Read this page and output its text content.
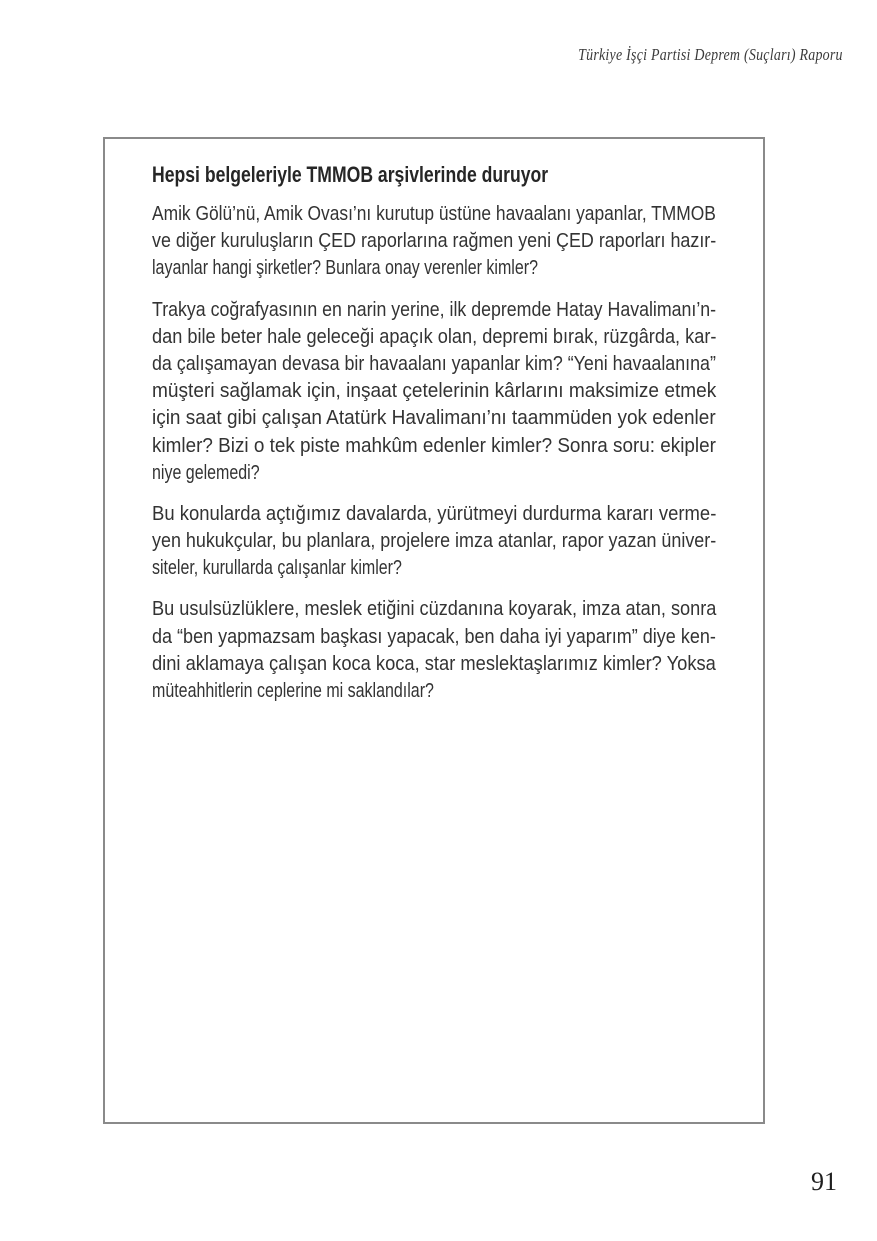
Türkiye İşçi Partisi Deprem (Suçları) Raporu
Hepsi belgeleriyle TMMOB arşivlerinde duruyor
Amik Gölü’nü, Amik Ovası’nı kurutup üstüne havaalanı yapanlar, TMMOB
ve diğer kuruluşların ÇED raporlarına rağmen yeni ÇED raporları hazır-
layanlar hangi şirketler? Bunlara onay verenler kimler?
Trakya coğrafyasının en narin yerine, ilk depremde Hatay Havalimanı’n-
dan bile beter hale geleceği apaçık olan, depremi bırak, rüzgârda, kar-
da çalışamayan devasa bir havaalanı yapanlar kim? “Yeni havaalanına”
müşteri sağlamak için, inşaat çetelerinin kârlarını maksimize etmek
için saat gibi çalışan Atatürk Havalimanı’nı taammüden yok edenler
kimler? Bizi o tek piste mahkûm edenler kimler? Sonra soru: ekipler
niye gelemedi?
Bu konularda açtığımız davalarda, yürütmeyi durdurma kararı verme-
yen hukukçular, bu planlara, projelere imza atanlar, rapor yazan üniver-
siteler, kurullarda çalışanlar kimler?
Bu usulsüzlüklere, meslek etiğini cüzdanına koyarak, imza atan, sonra
da “ben yapmazsam başkası yapacak, ben daha iyi yaparım” diye ken-
dini aklamaya çalışan koca koca, star meslektaşlarımız kimler? Yoksa
müteahhitlerin ceplerine mi saklandılar?
91
